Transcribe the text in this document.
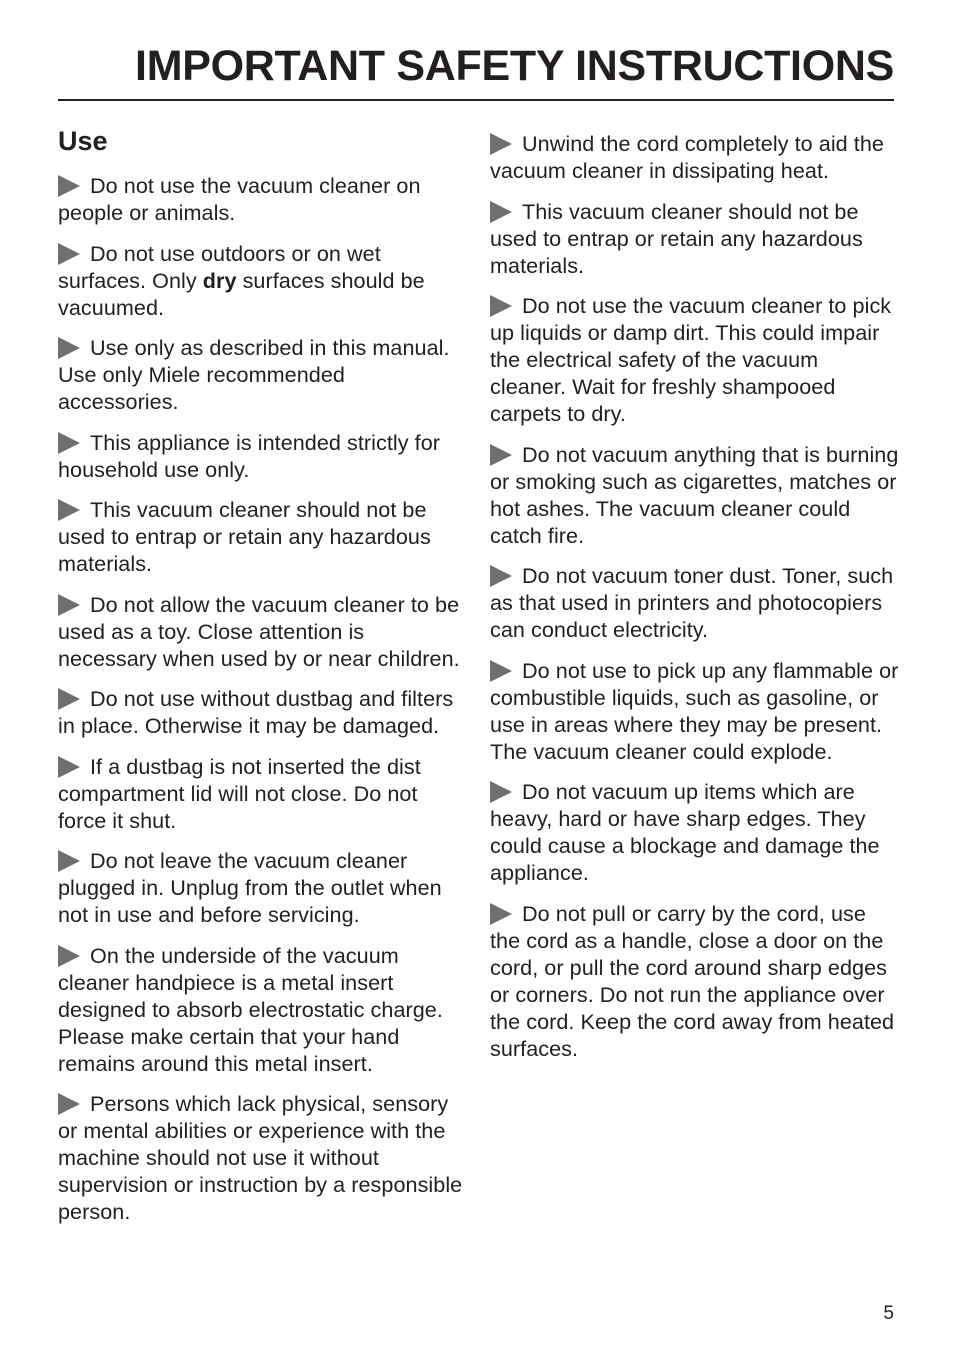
IMPORTANT SAFETY INSTRUCTIONS
Use

Do not use the vacuum cleaner on people or animals.

Do not use outdoors or on wet surfaces. Only dry surfaces should be vacuumed.

Use only as described in this manual. Use only Miele recommended accessories.

This appliance is intended strictly for household use only.

This vacuum cleaner should not be used to entrap or retain any hazardous materials.

Do not allow the vacuum cleaner to be used as a toy. Close attention is necessary when used by or near children.

Do not use without dustbag and filters in place. Otherwise it may be damaged.

If a dustbag is not inserted the dist compartment lid will not close. Do not force it shut.

Do not leave the vacuum cleaner plugged in. Unplug from the outlet when not in use and before servicing.

On the underside of the vacuum cleaner handpiece is a metal insert designed to absorb electrostatic charge. Please make certain that your hand remains around this metal insert.

Persons which lack physical, sensory or mental abilities or experience with the machine should not use it without supervision or instruction by a responsible person.

Unwind the cord completely to aid the vacuum cleaner in dissipating heat.

This vacuum cleaner should not be used to entrap or retain any hazardous materials.

Do not use the vacuum cleaner to pick up liquids or damp dirt. This could impair the electrical safety of the vacuum cleaner. Wait for freshly shampooed carpets to dry.

Do not vacuum anything that is burning or smoking such as cigarettes, matches or hot ashes. The vacuum cleaner could catch fire.

Do not vacuum toner dust. Toner, such as that used in printers and photocopiers can conduct electricity.

Do not use to pick up any flammable or combustible liquids, such as gasoline, or use in areas where they may be present. The vacuum cleaner could explode.

Do not vacuum up items which are heavy, hard or have sharp edges. They could cause a blockage and damage the appliance.

Do not pull or carry by the cord, use the cord as a handle, close a door on the cord, or pull the cord around sharp edges or corners. Do not run the appliance over the cord. Keep the cord away from heated surfaces.

5
